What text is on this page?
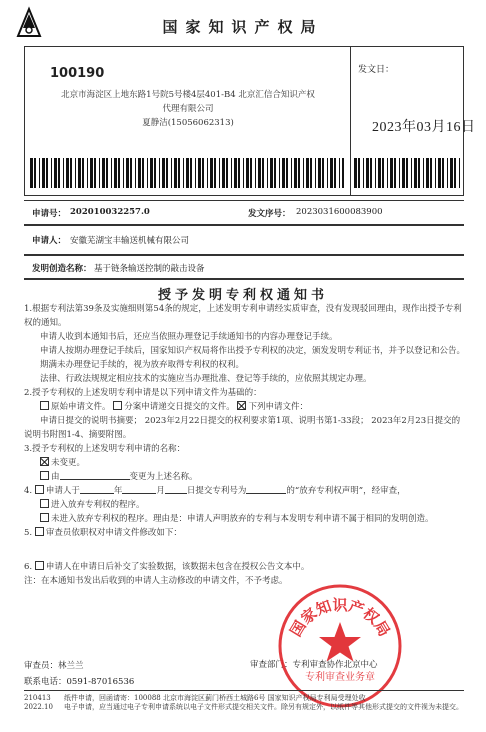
国家知识产权局
100190
北京市海淀区上地东路1号院5号楼4层401-B4 北京汇信合知识产权
代理有限公司
夏静洁(15056062313)
发文日：
2023年03月16日
申请号： 202010032257.0	发文序号： 2023031600083900
申请人： 安徽芜湖宝丰输送机械有限公司
发明创造名称： 基于链条输送控制的敲击设备
授予发明专利权通知书

1.根据专利法第39条及实施细则第54条的规定，上述发明专利申请经实质审查，没有发现驳回理由，现作出授予专利权的通知。

申请人收到本通知书后，还应当依照办理登记手续通知书的内容办理登记手续。

申请人按期办理登记手续后，国家知识产权局将作出授予专利权的决定，颁发发明专利证书，并予以登记和公告。

期满未办理登记手续的，视为放弃取得专利权的权利。

法律、行政法规规定相应技术的实施应当办理批准、登记等手续的，应依照其规定办理。

2.授予专利权的上述发明专利申请是以下列申请文件为基础的：

原始申请文件。 分案申请递交日提交的文件。 下列申请文件：

申请日提交的说明书摘要； 2023年2月22日提交的权利要求第1项、说明书第1-33段； 2023年2月23日提交的说明书附图1-4、摘要附图。

3.授予专利权的上述发明专利申请的名称：

未变更。

由	变更为上述名称。

4. 申请人于	年	月	日提交专利号为	的“放弃专利权声明”，经审查，

进入放弃专利权的程序。

未进入放弃专利权的程序。理由是：申请人声明放弃的专利与本发明专利申请不属于相同的发明创造。

5. 审查员依职权对申请文件修改如下：

6. 申请人在申请日后补交了实验数据，该数据未包含在授权公告文本中。

注：在本通知书发出后收到的申请人主动修改的申请文件，不予考虑。

审查员：林兰兰
联系电话：0591-87016536
审查部门：专利审查协作北京中心
国家知识产权局
专利审查业务章
210413 纸件申请，回函请寄：100088 北京市海淀区蓟门桥西土城路6号 国家知识产权局专利局受理处收
2022.10 电子申请，应当通过电子专利申请系统以电子文件形式提交相关文件。除另有规定外，以纸件等其他形式提交的文件视为未提交。
